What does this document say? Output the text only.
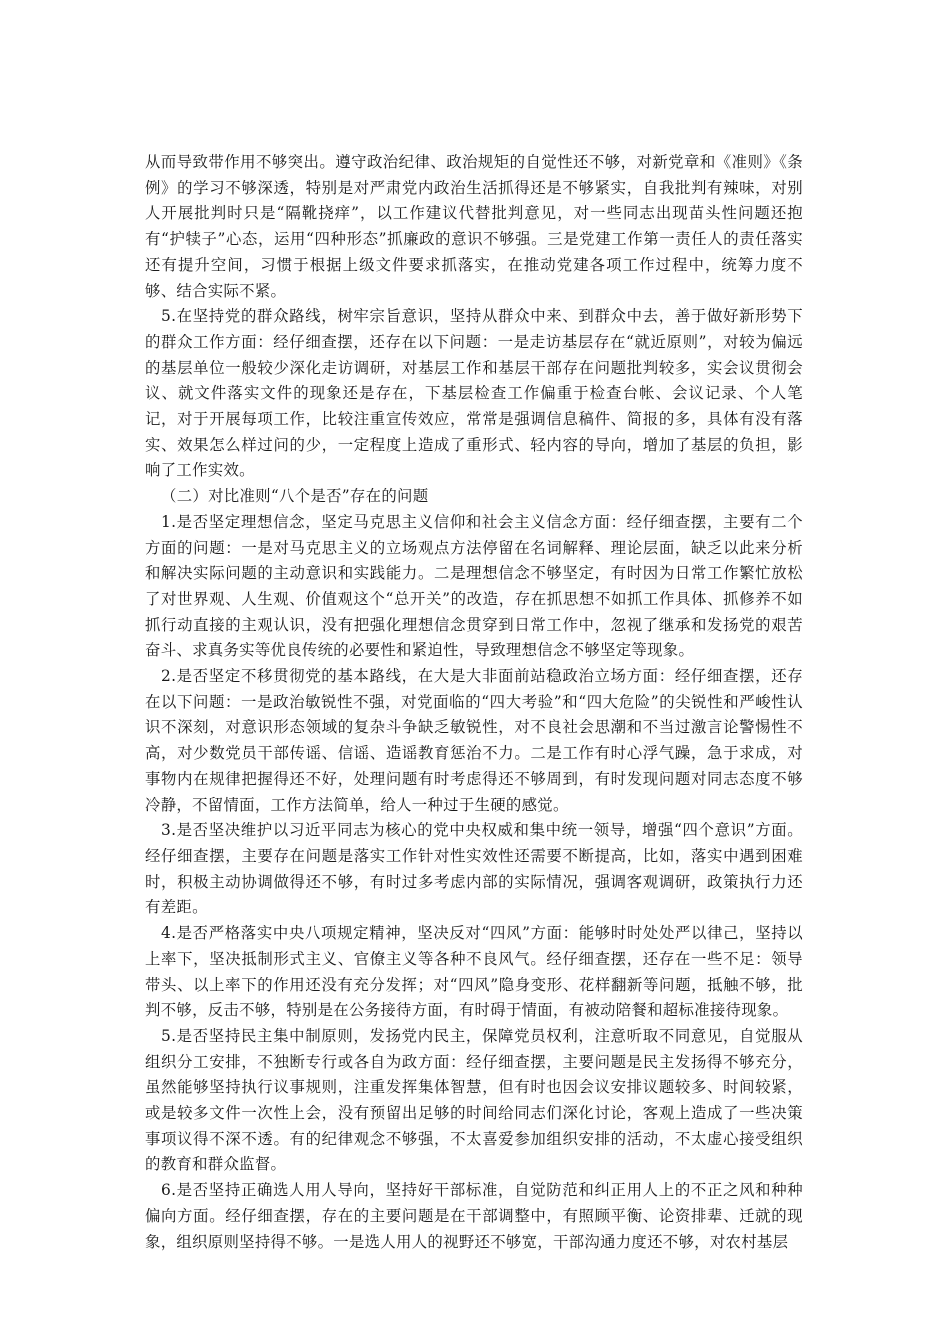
从而导致带作用不够突出。遵守政治纪律、政治规矩的自觉性还不够，对新党章和《准则》《条例》的学习不够深透，特别是对严肃党内政治生活抓得还是不够紧实，自我批判有辣味，对别人开展批判时只是“隔靴挠痒”，以工作建议代替批判意见，对一些同志出现苗头性问题还抱有“护犊子”心态，运用“四种形态”抓廉政的意识不够强。三是党建工作第一责任人的责任落实还有提升空间，习惯于根据上级文件要求抓落实，在推动党建各项工作过程中，统筹力度不够、结合实际不紧。

5.在坚持党的群众路线，树牢宗旨意识，坚持从群众中来、到群众中去，善于做好新形势下的群众工作方面：经仔细查摆，还存在以下问题：一是走访基层存在“就近原则”，对较为偏远的基层单位一般较少深化走访调研，对基层工作和基层干部存在问题批判较多，实会议贯彻会议、就文件落实文件的现象还是存在，下基层检查工作偏重于检查台帐、会议记录、个人笔记，对于开展每项工作，比较注重宣传效应，常常是强调信息稿件、简报的多，具体有没有落实、效果怎么样过问的少，一定程度上造成了重形式、轻内容的导向，增加了基层的负担，影响了工作实效。

（二）对比准则“八个是否”存在的问题

1.是否坚定理想信念，坚定马克思主义信仰和社会主义信念方面：经仔细查摆，主要有二个方面的问题：一是对马克思主义的立场观点方法停留在名词解释、理论层面，缺乏以此来分析和解决实际问题的主动意识和实践能力。二是理想信念不够坚定，有时因为日常工作繁忙放松了对世界观、人生观、价值观这个“总开关”的改造，存在抓思想不如抓工作具体、抓修养不如抓行动直接的主观认识，没有把强化理想信念贯穿到日常工作中，忽视了继承和发扬党的艰苦奋斗、求真务实等优良传统的必要性和紧迫性，导致理想信念不够坚定等现象。

2.是否坚定不移贯彻党的基本路线，在大是大非面前站稳政治立场方面：经仔细查摆，还存在以下问题：一是政治敏锐性不强，对党面临的“四大考验”和“四大危险”的尖锐性和严峻性认识不深刻，对意识形态领域的复杂斗争缺乏敏锐性，对不良社会思潮和不当过激言论警惕性不高，对少数党员干部传谣、信谣、造谣教育惩治不力。二是工作有时心浮气躁，急于求成，对事物内在规律把握得还不好，处理问题有时考虑得还不够周到，有时发现问题对同志态度不够冷静，不留情面，工作方法简单，给人一种过于生硬的感觉。

3.是否坚决维护以习近平同志为核心的党中央权威和集中统一领导，增强“四个意识”方面。经仔细查摆，主要存在问题是落实工作针对性实效性还需要不断提高，比如，落实中遇到困难时，积极主动协调做得还不够，有时过多考虑内部的实际情况，强调客观调研，政策执行力还有差距。

4.是否严格落实中央八项规定精神，坚决反对“四风”方面：能够时时处处严以律己，坚持以上率下，坚决抵制形式主义、官僚主义等各种不良风气。经仔细查摆，还存在一些不足：领导带头、以上率下的作用还没有充分发挥；对“四风”隐身变形、花样翻新等问题，抵触不够，批判不够，反击不够，特别是在公务接待方面，有时碍于情面，有被动陪餐和超标准接待现象。

5.是否坚持民主集中制原则，发扬党内民主，保障党员权利，注意听取不同意见，自觉服从组织分工安排，不独断专行或各自为政方面：经仔细查摆，主要问题是民主发扬得不够充分，虽然能够坚持执行议事规则，注重发挥集体智慧，但有时也因会议安排议题较多、时间较紧，或是较多文件一次性上会，没有预留出足够的时间给同志们深化讨论，客观上造成了一些决策事项议得不深不透。有的纪律观念不够强，不太喜爱参加组织安排的活动，不太虚心接受组织的教育和群众监督。

6.是否坚持正确选人用人导向，坚持好干部标准，自觉防范和纠正用人上的不正之风和种种偏向方面。经仔细查摆，存在的主要问题是在干部调整中，有照顾平衡、论资排辈、迁就的现象，组织原则坚持得不够。一是选人用人的视野还不够宽，干部沟通力度还不够，对农村基层
